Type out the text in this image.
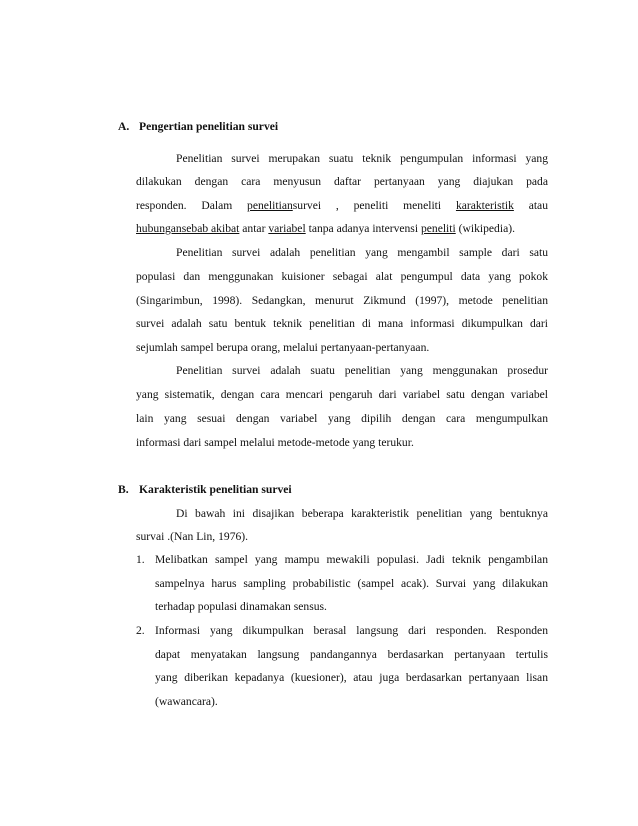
A. Pengertian penelitian survei
Penelitian survei merupakan suatu teknik pengumpulan informasi yang
dilakukan dengan cara menyusun daftar pertanyaan yang diajukan pada
responden. Dalam penelitiansurvei , peneliti meneliti karakteristik atau
hubungansebab akibat antar variabel tanpa adanya intervensi peneliti (wikipedia).
Penelitian survei adalah penelitian yang mengambil sample dari satu
populasi dan menggunakan kuisioner sebagai alat pengumpul data yang pokok
(Singarimbun, 1998). Sedangkan, menurut Zikmund (1997), metode penelitian
survei adalah satu bentuk teknik penelitian di mana informasi dikumpulkan dari
sejumlah sampel berupa orang, melalui pertanyaan-pertanyaan.
Penelitian survei adalah suatu penelitian yang menggunakan prosedur
yang sistematik, dengan cara mencari pengaruh dari variabel satu dengan variabel
lain yang sesuai dengan variabel yang dipilih dengan cara mengumpulkan
informasi dari sampel melalui metode-metode yang terukur.
B. Karakteristik penelitian survei
Di bawah ini disajikan beberapa karakteristik penelitian yang bentuknya
survai .(Nan Lin, 1976).
1. Melibatkan sampel yang mampu mewakili populasi. Jadi teknik pengambilan
sampelnya harus sampling probabilistic (sampel acak). Survai yang dilakukan
terhadap populasi dinamakan sensus.
2. Informasi yang dikumpulkan berasal langsung dari responden. Responden
dapat menyatakan langsung pandangannya berdasarkan pertanyaan tertulis
yang diberikan kepadanya (kuesioner), atau juga berdasarkan pertanyaan lisan
(wawancara).
